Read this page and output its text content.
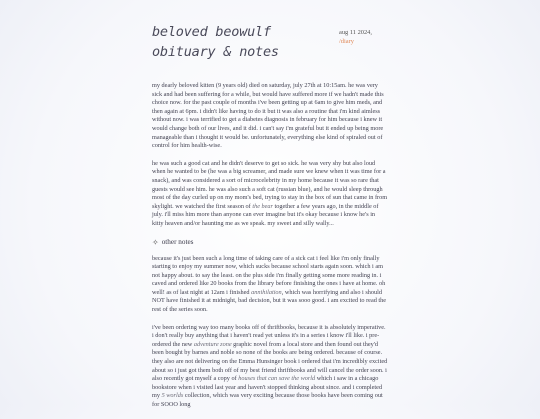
beloved beowulf obituary & notes
aug 11 2024,
/diary

my dearly beloved kitten (9 years old) died on saturday, july 27th at 10:15am. he was very sick and had been suffering for a while, but would have suffered more if we hadn't made this choice now. for the past couple of months i've been getting up at 6am to give him meds, and then again at 6pm. i didn't like having to do it but it was also a routine that i'm kind aimless without now. i was terrified to get a diabetes diagnosis in february for him because i knew it would change both of our lives, and it did. i can't say i'm grateful but it ended up being more manageable than i thought it would be. unfortunately, everything else kind of spiraled out of control for him health-wise.

he was such a good cat and he didn't deserve to get so sick. he was very shy but also loud when he wanted to be (he was a big screamer, and made sure we knew when it was time for a snack), and was considered a sort of microcelebrity in my home because it was so rare that guests would see him. he was also such a soft cat (russian blue), and he would sleep through most of the day curled up on my mom's bed, trying to stay in the box of sun that came in from skylight. we watched the first season of the bear together a few years ago, in the middle of july. i'll miss him more than anyone can ever imagine but it's okay because i know he's in kitty heaven and/or haunting me as we speak. my sweet and silly wally...

✧ other notes

because it's just been such a long time of taking care of a sick cat i feel like i'm only finally starting to enjoy my summer now, which sucks because school starts again soon. which i am not happy about. to say the least. on the plus side i'm finally getting some more reading in. i caved and ordered like 20 books from the library before finishing the ones i have at home. oh well! as of last night at 12am i finished annihilation, which was horrifying and also i should NOT have finished it at midnight, bad decision, but it was sooo good. i am excited to read the rest of the series soon.

i've been ordering way too many books off of thriftbooks, because it is absolutely imperative. i don't really buy anything that i haven't read yet unless it's in a series i know i'll like. i pre-ordered the new adventure zone graphic novel from a local store and then found out they'd been bought by barnes and noble so none of the books are being ordered. because of course. they also are not delivering on the Emma Hunsinger book i ordered that i'm incredibly excited about so i just got them both off of my best friend thriftbooks and will cancel the order soon. i also recently got myself a copy of houses that can save the world which i saw in a chicago bookstore when i visited last year and haven't stopped thinking about since. and i completed my 5 worlds collection, which was very exciting because those books have been coming out for SOOO long
